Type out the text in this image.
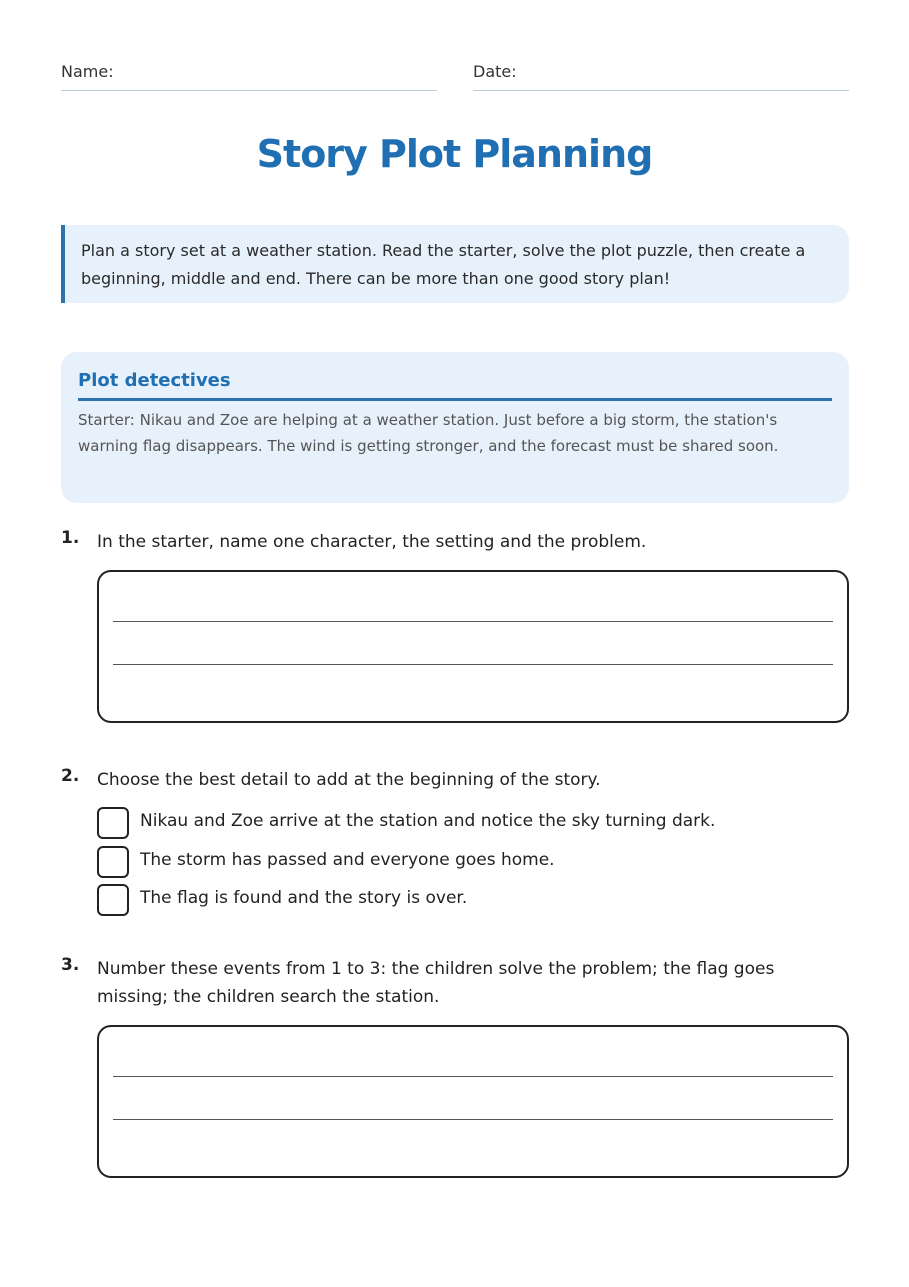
Name:	Date:
Story Plot Planning
Plan a story set at a weather station. Read the starter, solve the plot puzzle, then create a beginning, middle and end. There can be more than one good story plan!
Plot detectives

Starter: Nikau and Zoe are helping at a weather station. Just before a big storm, the station's warning flag disappears. The wind is getting stronger, and the forecast must be shared soon.

1. In the starter, name one character, the setting and the problem.
2. Choose the best detail to add at the beginning of the story.
Nikau and Zoe arrive at the station and notice the sky turning dark.
The storm has passed and everyone goes home.
The flag is found and the story is over.
3. Number these events from 1 to 3: the children solve the problem; the flag goes missing; the children search the station.
